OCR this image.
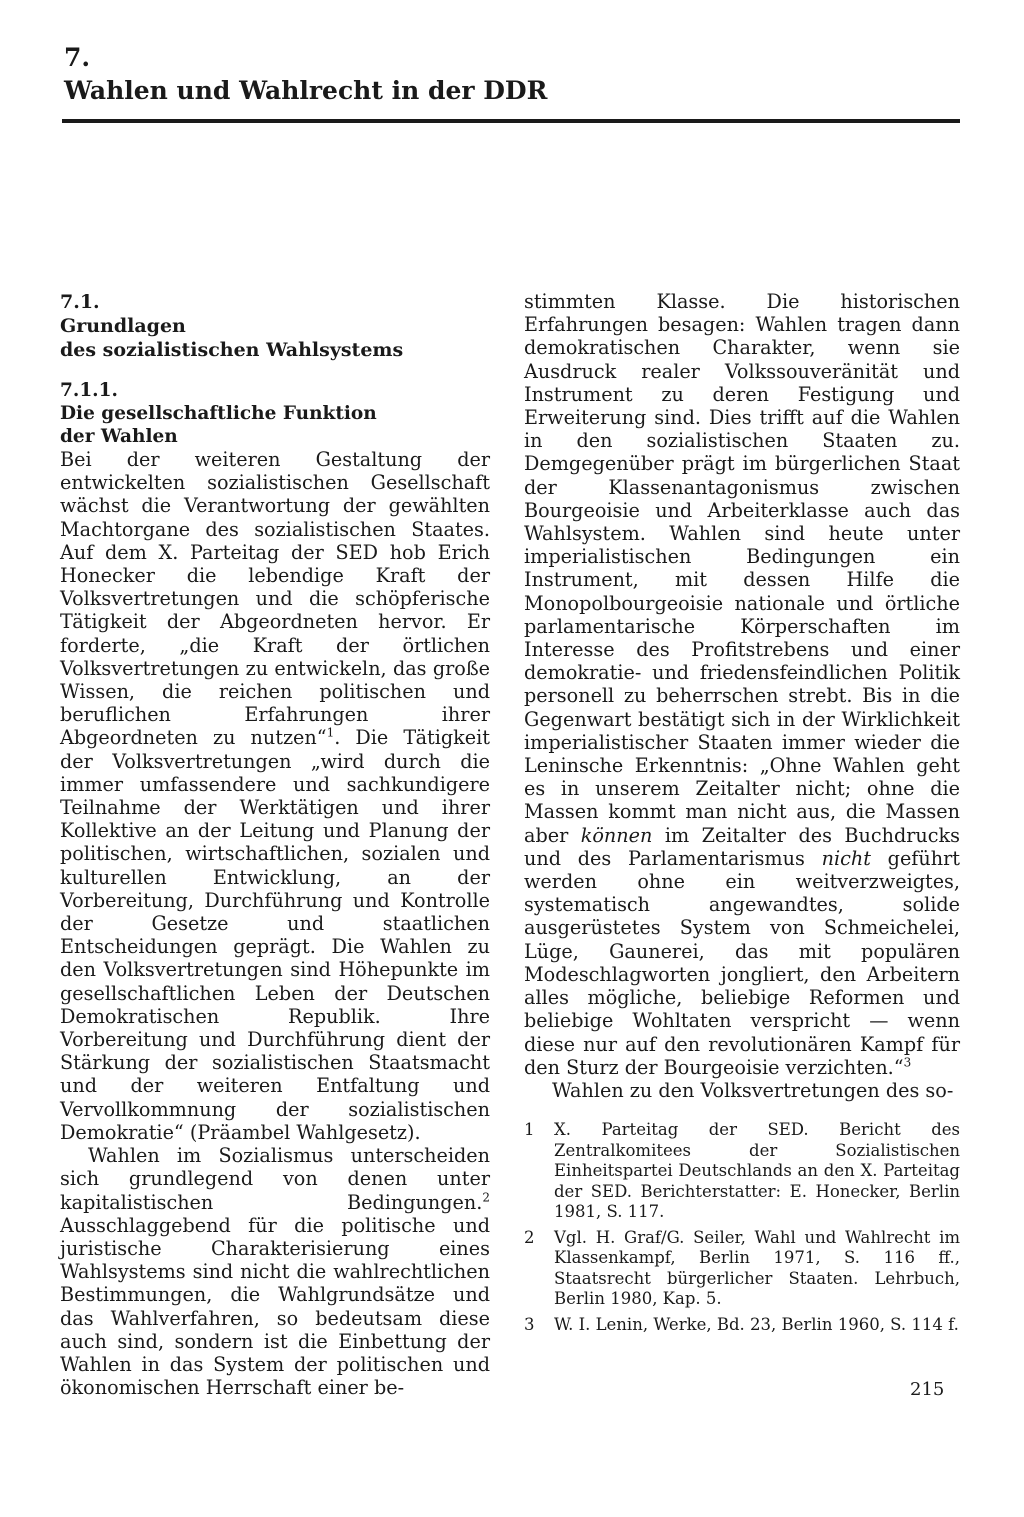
7.
Wahlen und Wahlrecht in der DDR
7.1.
Grundlagen
des sozialistischen Wahlsystems
7.1.1.
Die gesellschaftliche Funktion
der Wahlen

Bei der weiteren Gestaltung der entwickelten sozialistischen Gesellschaft wächst die Verantwortung der gewählten Machtorgane des sozialistischen Staates. Auf dem X. Parteitag der SED hob Erich Honecker die lebendige Kraft der Volksvertretungen und die schöpferische Tätigkeit der Abgeordneten hervor. Er forderte, „die Kraft der örtlichen Volksvertretungen zu entwickeln, das große Wissen, die reichen politischen und beruflichen Erfahrungen ihrer Abgeordneten zu nutzen“$^1$. Die Tätigkeit der Volksvertretungen „wird durch die immer umfassendere und sachkundigere Teilnahme der Werktätigen und ihrer Kollektive an der Leitung und Planung der politischen, wirtschaftlichen, sozialen und kulturellen Entwicklung, an der Vorbereitung, Durchführung und Kontrolle der Gesetze und staatlichen Entscheidungen geprägt. Die Wahlen zu den Volksvertretungen sind Höhepunkte im gesellschaftlichen Leben der Deutschen Demokratischen Republik. Ihre Vorbereitung und Durchführung dient der Stärkung der sozialistischen Staatsmacht und der weiteren Entfaltung und Vervollkommnung der sozialistischen Demokratie“ (Präambel Wahlgesetz).

Wahlen im Sozialismus unterscheiden sich grundlegend von denen unter kapitalistischen Bedingungen.$^2$ Ausschlaggebend für die politische und juristische Charakterisierung eines Wahlsystems sind nicht die wahlrechtlichen Bestimmungen, die Wahlgrundsätze und das Wahlverfahren, so bedeutsam diese auch sind, sondern ist die Einbettung der Wahlen in das System der politischen und ökonomischen Herrschaft einer be-

stimmten Klasse. Die historischen Erfahrungen besagen: Wahlen tragen dann demokratischen Charakter, wenn sie Ausdruck realer Volkssouveränität und Instrument zu deren Festigung und Erweiterung sind. Dies trifft auf die Wahlen in den sozialistischen Staaten zu. Demgegenüber prägt im bürgerlichen Staat der Klassenantagonismus zwischen Bourgeoisie und Arbeiterklasse auch das Wahlsystem. Wahlen sind heute unter imperialistischen Bedingungen ein Instrument, mit dessen Hilfe die Monopolbourgeoisie nationale und örtliche parlamentarische Körperschaften im Interesse des Profitstrebens und einer demokratie- und friedensfeindlichen Politik personell zu beherrschen strebt. Bis in die Gegenwart bestätigt sich in der Wirklichkeit imperialistischer Staaten immer wieder die Leninsche Erkenntnis: „Ohne Wahlen geht es in unserem Zeitalter nicht; ohne die Massen kommt man nicht aus, die Massen aber können im Zeitalter des Buchdrucks und des Parlamentarismus nicht geführt werden ohne ein weitverzweigtes, systematisch angewandtes, solide ausgerüstetes System von Schmeichelei, Lüge, Gaunerei, das mit populären Modeschlagworten jongliert, den Arbeitern alles mögliche, beliebige Reformen und beliebige Wohltaten verspricht — wenn diese nur auf den revolutionären Kampf für den Sturz der Bourgeoisie verzichten.“$^3$

Wahlen zu den Volksvertretungen des so-

1	X. Parteitag der SED. Bericht des Zentralkomitees der Sozialistischen Einheitspartei Deutschlands an den X. Parteitag der SED. Berichterstatter: E. Honecker, Berlin 1981, S. 117.
2	Vgl. H. Graf/G. Seiler, Wahl und Wahlrecht im Klassenkampf, Berlin 1971, S. 116 ff., Staatsrecht bürgerlicher Staaten. Lehrbuch, Berlin 1980, Kap. 5.
3	W. I. Lenin, Werke, Bd. 23, Berlin 1960, S. 114 f.
215
